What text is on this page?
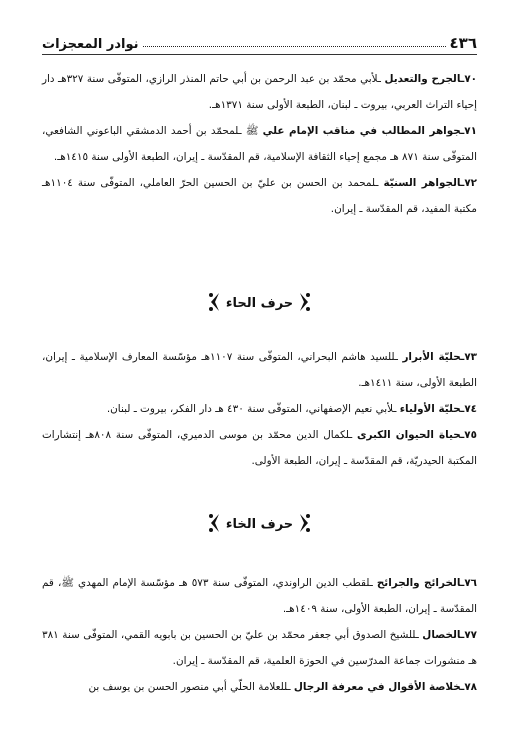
٤٣٦
نوادر المعجزات

٧٠ـالجرح والتعديل ـلأبي محمّد بن عبد الرحمن بن أبي حاتم المنذر الرازي، المتوفّى سنة ٣٢٧هـ دار إحياء التراث العربي، بيروت ـ لبنان، الطبعة الأولى سنة ١٣٧١هـ.

٧١ـجواهر المطالب في مناقب الإمام علي ﷺ ـلمحمّد بن أحمد الدمشقي الباعوني الشافعي، المتوفّى سنة ٨٧١ هـ مجمع إحياء الثقافة الإسلامية، قم المقدّسة ـ إيران، الطبعة الأولى سنة ١٤١٥هـ.

٧٢ـالجواهر السنيّة ـلمحمد بن الحسن بن عليّ بن الحسين الحرّ العاملي، المتوفّى سنة ١١٠٤هـ مكتبة المفيد، قم المقدّسة ـ إيران.

حرف الحاء

٧٣ـحليّة الأبرار ـللسيد هاشم البحراني، المتوفّى سنة ١١٠٧هـ مؤسّسة المعارف الإسلامية ـ إيران، الطبعة الأولى، سنة ١٤١١هـ.

٧٤ـحليّة الأولياء ـلأبي نعيم الإصفهاني، المتوفّى سنة ٤٣٠ هـ دار الفكر، بيروت ـ لبنان.

٧٥ـحياة الحيوان الكبرى ـلكمال الدين محمّد بن موسى الدميري، المتوفّى سنة ٨٠٨هـ إنتشارات المكتبة الحيدريّة، قم المقدّسة ـ إيران، الطبعة الأولى.

حرف الخاء

٧٦ـالخرائج والجرائح ـلقطب الدين الراوندي، المتوفّى سنة ٥٧٣ هـ مؤسّسة الإمام المهدي ﷺ، قم المقدّسة ـ إيران، الطبعة الأولى، سنة ١٤٠٩هـ.

٧٧ـالخصال ـللشيخ الصدوق أبي جعفر محمّد بن عليّ بن الحسين بن بابويه القمي، المتوفّى سنة ٣٨١ هـ منشورات جماعة المدرّسين في الحوزة العلمية، قم المقدّسة ـ إيران.

٧٨ـخلاصة الأقوال في معرفة الرجال ـللعلامة الحلّي أبي منصور الحسن بن يوسف بن
